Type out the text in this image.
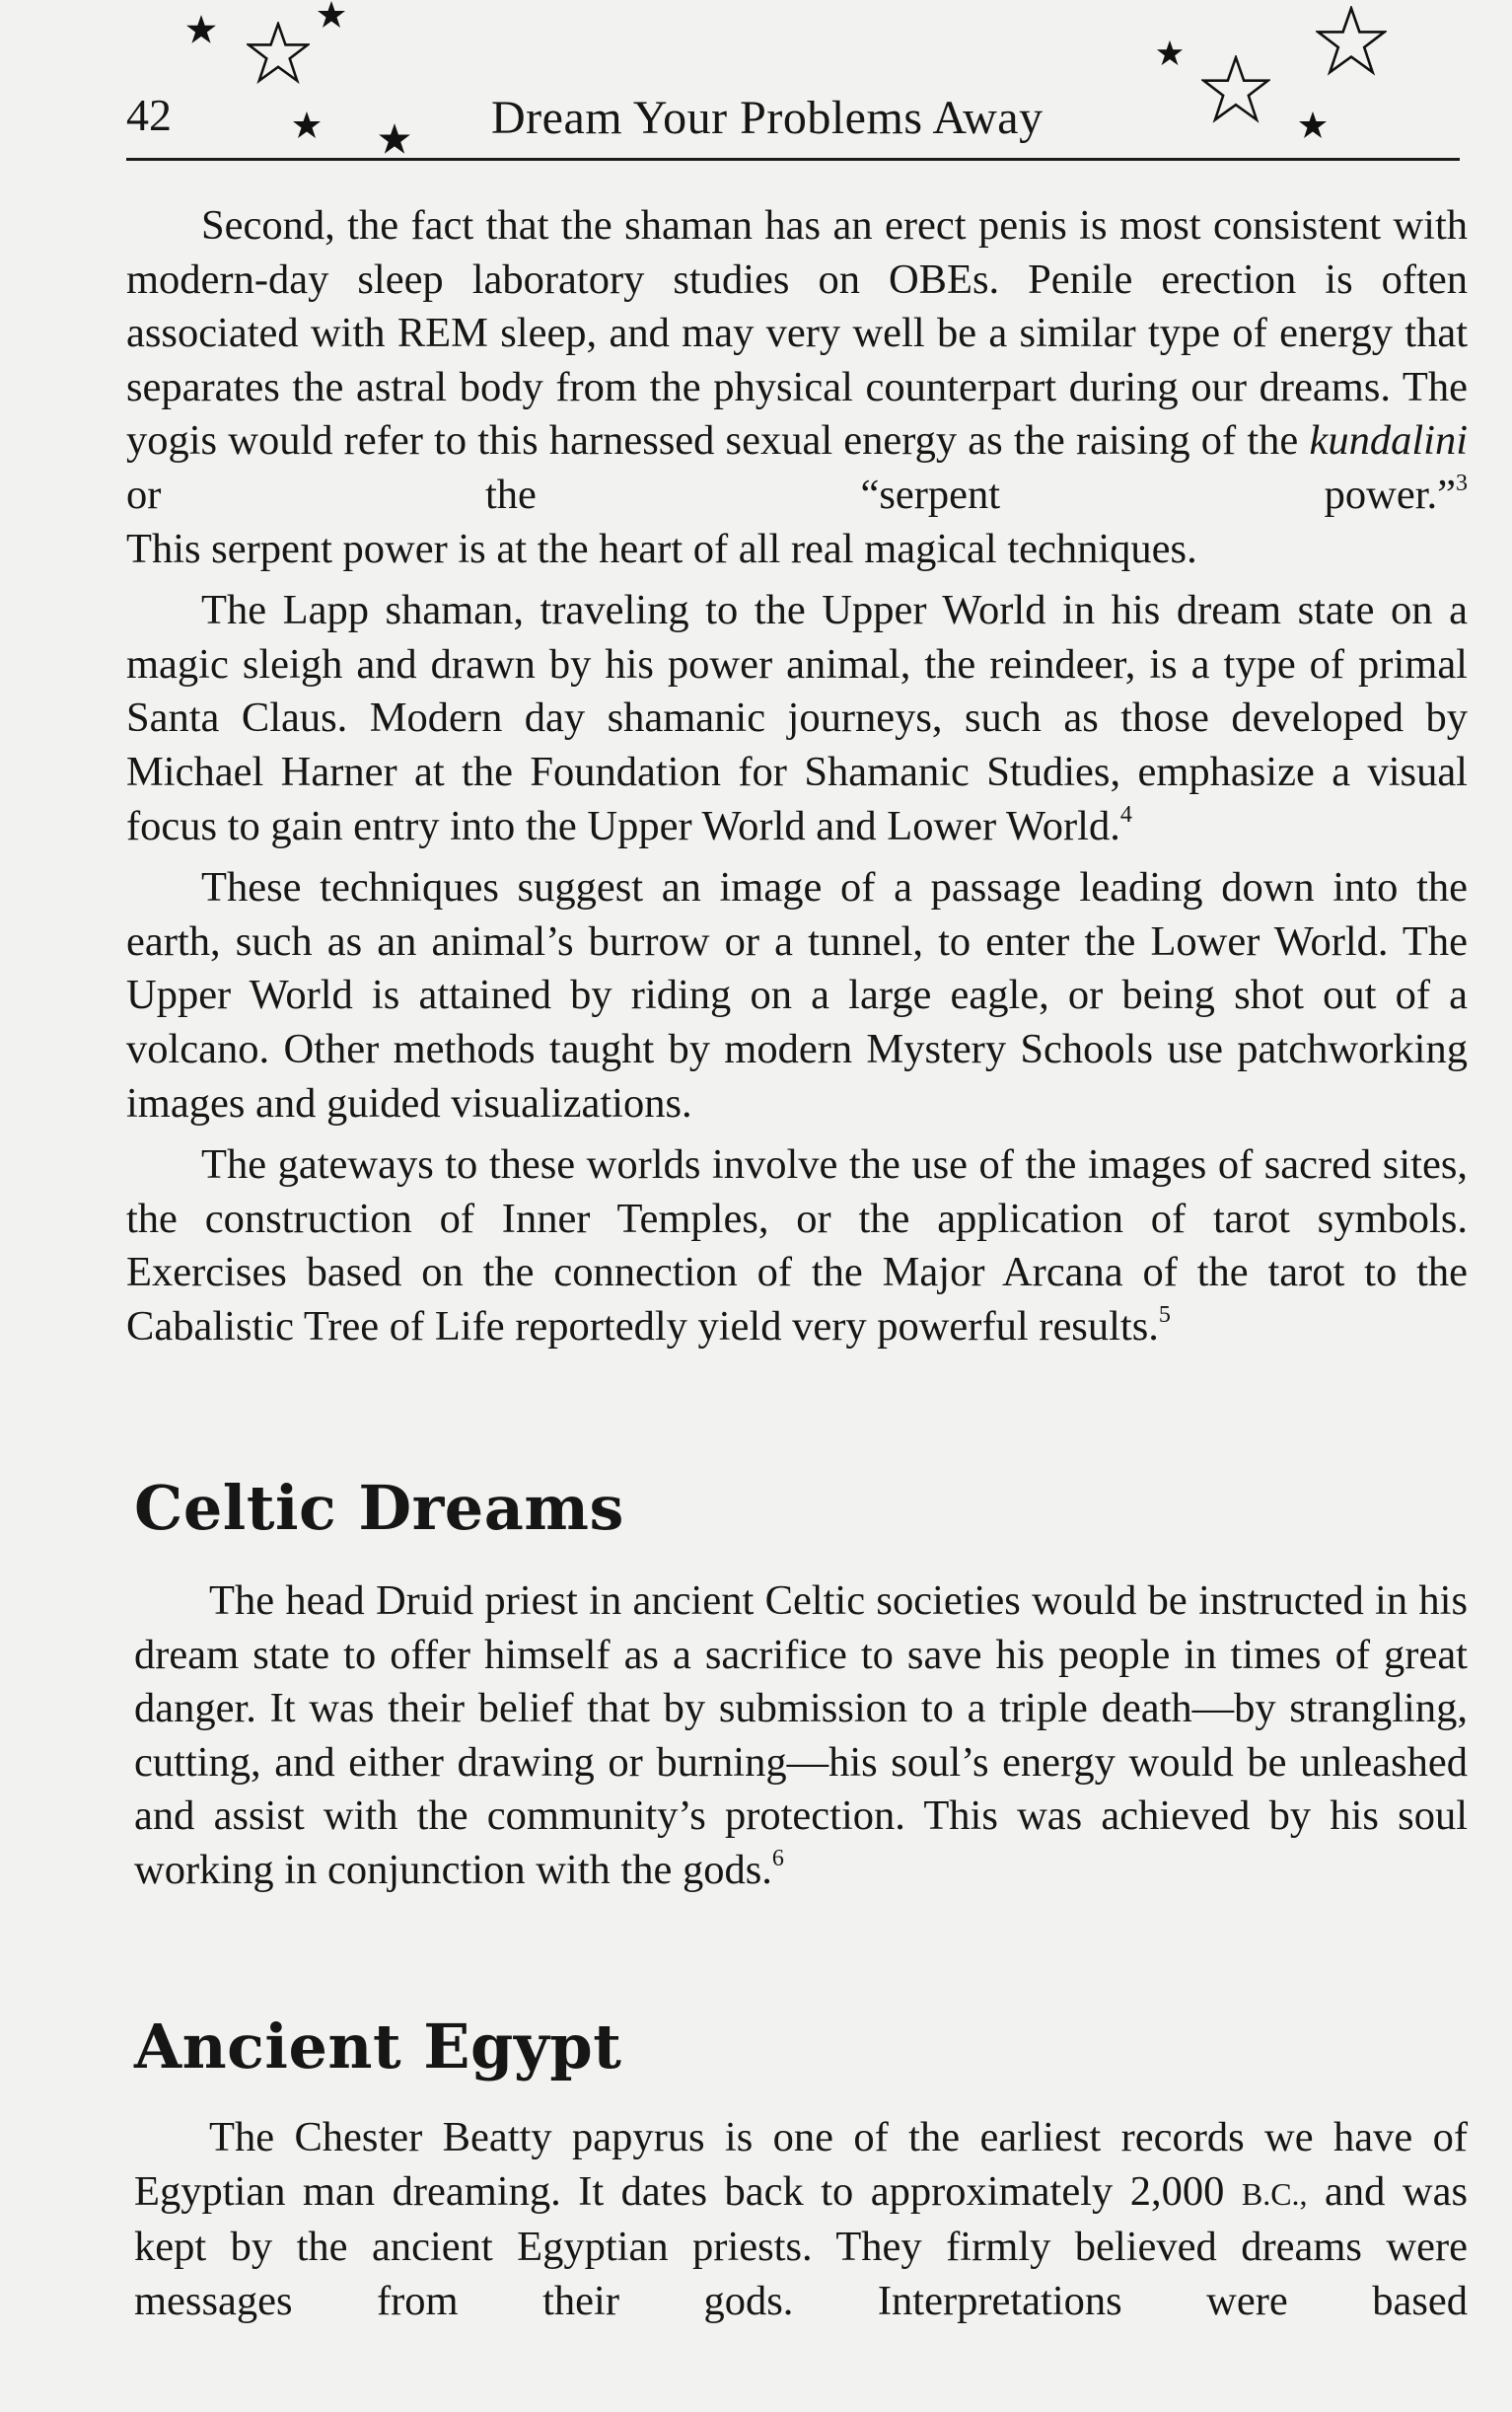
42	Dream Your Problems Away
Second, the fact that the shaman has an erect penis is most consistent with modern-day sleep laboratory studies on OBEs. Penile erection is often associated with REM sleep, and may very well be a similar type of energy that separates the astral body from the physical counterpart during our dreams. The yogis would refer to this harnessed sexual energy as the raising of the kundalini or the “serpent power.”$^3$
This serpent power is at the heart of all real magical techniques.
The Lapp shaman, traveling to the Upper World in his dream state on a magic sleigh and drawn by his power animal, the reindeer, is a type of primal Santa Claus. Modern day shamanic journeys, such as those developed by Michael Harner at the Foundation for Shamanic Studies, emphasize a visual focus to gain entry into the Upper World and Lower World.$^4$
These techniques suggest an image of a passage leading down into the earth, such as an animal’s burrow or a tunnel, to enter the Lower World. The Upper World is attained by riding on a large eagle, or being shot out of a volcano. Other methods taught by modern Mystery Schools use patchworking images and guided visualizations.
The gateways to these worlds involve the use of the images of sacred sites, the construction of Inner Temples, or the application of tarot symbols. Exercises based on the connection of the Major Arcana of the tarot to the Cabalistic Tree of Life reportedly yield very powerful results.$^5$
Celtic Dreams
The head Druid priest in ancient Celtic societies would be instructed in his dream state to offer himself as a sacrifice to save his people in times of great danger. It was their belief that by submission to a triple death—by strangling, cutting, and either drawing or burning—his soul’s energy would be unleashed and assist with the community’s protection. This was achieved by his soul working in conjunction with the gods.$^6$
Ancient Egypt
The Chester Beatty papyrus is one of the earliest records we have of Egyptian man dreaming. It dates back to approximately 2,000 B.C., and was kept by the ancient Egyptian priests. They firmly believed dreams were messages from their gods. Interpretations were based
